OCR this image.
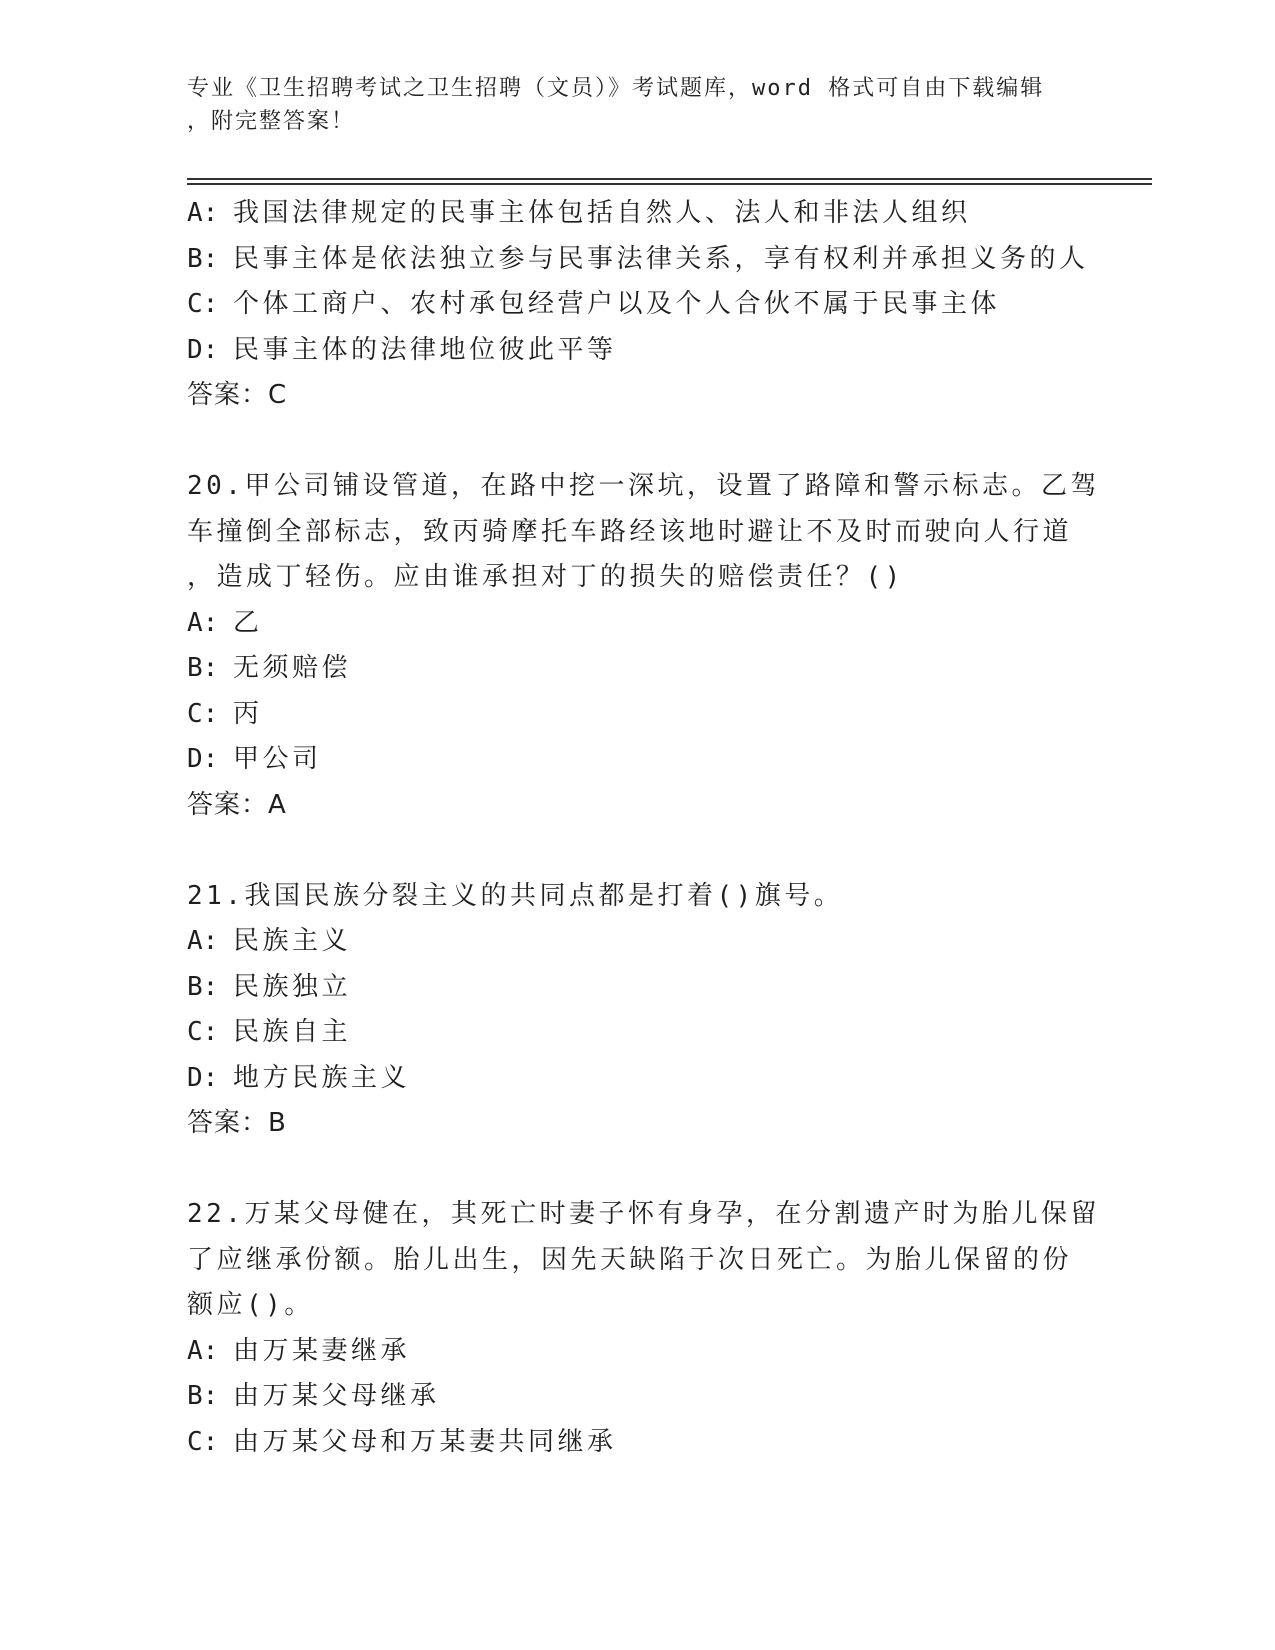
专业《卫生招聘考试之卫生招聘（文员）》考试题库，word 格式可自由下载编辑
，附完整答案！
A: 我国法律规定的民事主体包括自然人、法人和非法人组织
B: 民事主体是依法独立参与民事法律关系，享有权利并承担义务的人
C: 个体工商户、农村承包经营户以及个人合伙不属于民事主体
D: 民事主体的法律地位彼此平等
答案：C
20.甲公司铺设管道，在路中挖一深坑，设置了路障和警示标志。乙驾
车撞倒全部标志，致丙骑摩托车路经该地时避让不及时而驶向人行道
，造成丁轻伤。应由谁承担对丁的损失的赔偿责任？()
A: 乙
B: 无须赔偿
C: 丙
D: 甲公司
答案：A
21.我国民族分裂主义的共同点都是打着()旗号。
A: 民族主义
B: 民族独立
C: 民族自主
D: 地方民族主义
答案：B
22.万某父母健在，其死亡时妻子怀有身孕，在分割遗产时为胎儿保留
了应继承份额。胎儿出生，因先天缺陷于次日死亡。为胎儿保留的份
额应()。
A: 由万某妻继承
B: 由万某父母继承
C: 由万某父母和万某妻共同继承
